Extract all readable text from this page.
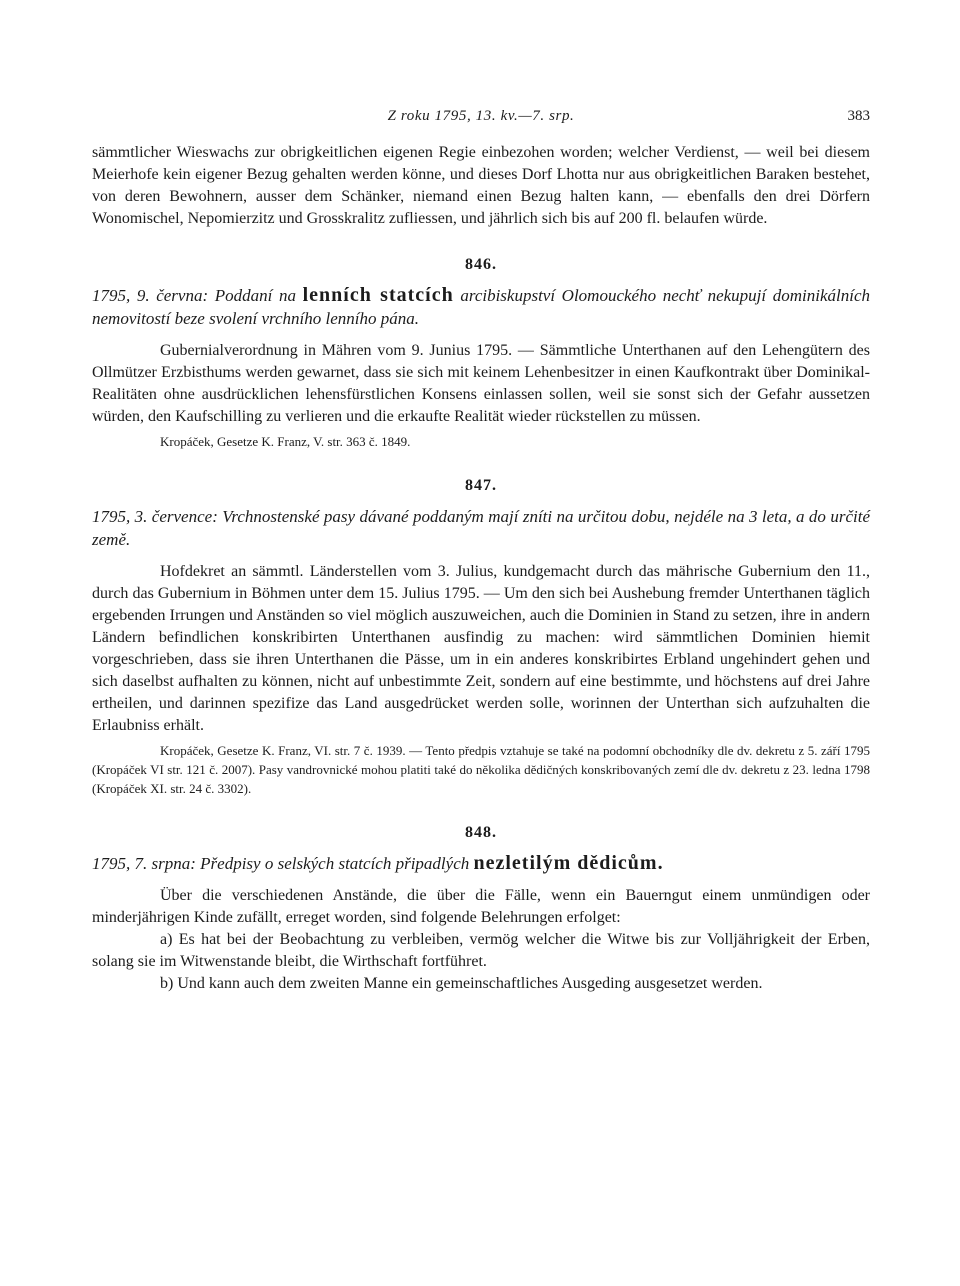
Z roku 1795, 13. kv.—7. srp.	383

sämmtlicher Wieswachs zur obrigkeitlichen eigenen Regie einbezohen worden; welcher Verdienst, — weil bei diesem Meierhofe kein eigener Bezug gehalten werden könne, und dieses Dorf Lhotta nur aus obrigkeitlichen Baraken bestehet, von deren Bewohnern, ausser dem Schänker, niemand einen Bezug halten kann, — ebenfalls den drei Dörfern Wonomischel, Nepomierzitz und Grosskralitz zufliessen, und jährlich sich bis auf 200 fl. belaufen würde.

846.

1795, 9. června: Poddaní na lenních statcích arcibiskupství Olomouckého nechť nekupují dominikálních nemovitostí beze svolení vrchního lenního pána.

Gubernialverordnung in Mähren vom 9. Junius 1795. — Sämmtliche Unterthanen auf den Lehengütern des Ollmützer Erzbisthums werden gewarnet, dass sie sich mit keinem Lehenbesitzer in einen Kaufkontrakt über Dominikal-Realitäten ohne ausdrücklichen lehensfürstlichen Konsens einlassen sollen, weil sie sonst sich der Gefahr aussetzen würden, den Kaufschilling zu verlieren und die erkaufte Realität wieder rückstellen zu müssen.

Kropáček, Gesetze K. Franz, V. str. 363 č. 1849.

847.

1795, 3. července: Vrchnostenské pasy dávané poddaným mají zníti na určitou dobu, nejdéle na 3 leta, a do určité země.

Hofdekret an sämmtl. Länderstellen vom 3. Julius, kundgemacht durch das mährische Gubernium den 11., durch das Gubernium in Böhmen unter dem 15. Julius 1795. — Um den sich bei Aushebung fremder Unterthanen täglich ergebenden Irrungen und Anständen so viel möglich auszuweichen, auch die Dominien in Stand zu setzen, ihre in andern Ländern befindlichen konskribirten Unterthanen ausfindig zu machen: wird sämmtlichen Dominien hiemit vorgeschrieben, dass sie ihren Unterthanen die Pässe, um in ein anderes konskribirtes Erbland ungehindert gehen und sich daselbst aufhalten zu können, nicht auf unbestimmte Zeit, sondern auf eine bestimmte, und höchstens auf drei Jahre ertheilen, und darinnen spezifize das Land ausgedrücket werden solle, worinnen der Unterthan sich aufzuhalten die Erlaubniss erhält.

Kropáček, Gesetze K. Franz, VI. str. 7 č. 1939. — Tento předpis vztahuje se také na podomní obchodníky dle dv. dekretu z 5. září 1795 (Kropáček VI str. 121 č. 2007). Pasy vandrovnické mohou platiti také do několika dědičných konskribovaných zemí dle dv. dekretu z 23. ledna 1798 (Kropáček XI. str. 24 č. 3302).

848.

1795, 7. srpna: Předpisy o selských statcích připadlých nezletilým dědicům.

Über die verschiedenen Anstände, die über die Fälle, wenn ein Bauerngut einem unmündigen oder minderjährigen Kinde zufällt, erreget worden, sind folgende Belehrungen erfolget:

a) Es hat bei der Beobachtung zu verbleiben, vermög welcher die Witwe bis zur Volljährigkeit der Erben, solang sie im Witwenstande bleibt, die Wirthschaft fortführet.

b) Und kann auch dem zweiten Manne ein gemeinschaftliches Ausgeding ausgesetzet werden.
